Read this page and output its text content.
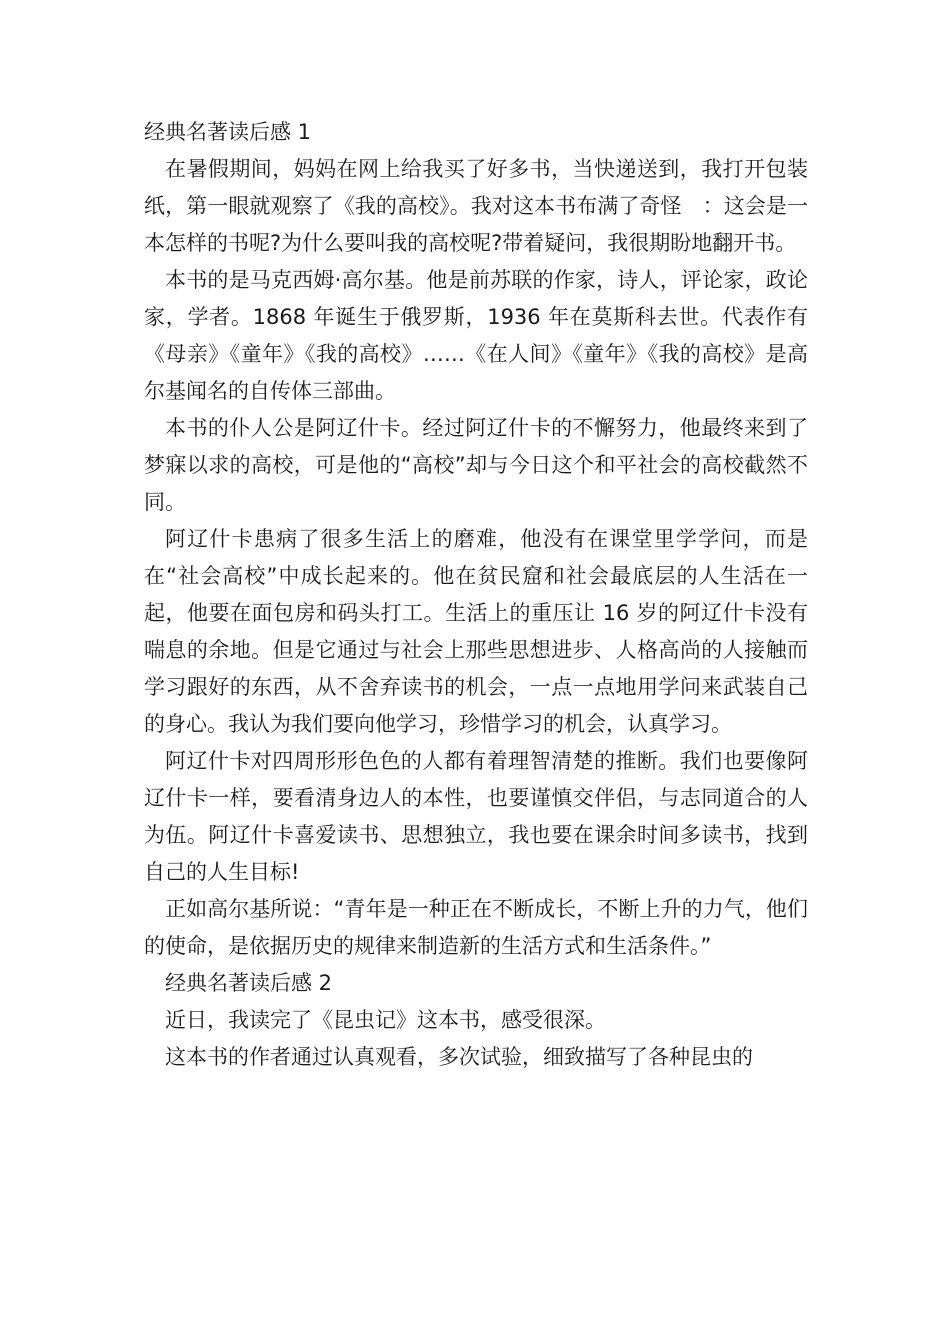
经典名著读后感 1

在暑假期间，妈妈在网上给我买了好多书，当快递送到，我打开包装纸，第一眼就观察了《我的高校》。我对这本书布满了奇怪　：这会是一本怎样的书呢?为什么要叫我的高校呢?带着疑问，我很期盼地翻开书。

本书的是马克西姆·高尔基。他是前苏联的作家，诗人，评论家，政论家，学者。1868 年诞生于俄罗斯，1936 年在莫斯科去世。代表作有《母亲》《童年》《我的高校》……《在人间》《童年》《我的高校》是高尔基闻名的自传体三部曲。

本书的仆人公是阿辽什卡。经过阿辽什卡的不懈努力，他最终来到了梦寐以求的高校，可是他的“高校”却与今日这个和平社会的高校截然不同。

阿辽什卡患病了很多生活上的磨难，他没有在课堂里学学问，而是在“社会高校”中成长起来的。他在贫民窟和社会最底层的人生活在一起，他要在面包房和码头打工。生活上的重压让 16 岁的阿辽什卡没有喘息的余地。但是它通过与社会上那些思想进步、人格高尚的人接触而学习跟好的东西，从不舍弃读书的机会，一点一点地用学问来武装自己的身心。我认为我们要向他学习，珍惜学习的机会，认真学习。

阿辽什卡对四周形形色色的人都有着理智清楚的推断。我们也要像阿辽什卡一样，要看清身边人的本性，也要谨慎交伴侣，与志同道合的人为伍。阿辽什卡喜爱读书、思想独立，我也要在课余时间多读书，找到自己的人生目标!

正如高尔基所说：“青年是一种正在不断成长，不断上升的力气，他们的使命，是依据历史的规律来制造新的生活方式和生活条件。”

经典名著读后感 2

近日，我读完了《昆虫记》这本书，感受很深。

这本书的作者通过认真观看，多次试验，细致描写了各种昆虫的
